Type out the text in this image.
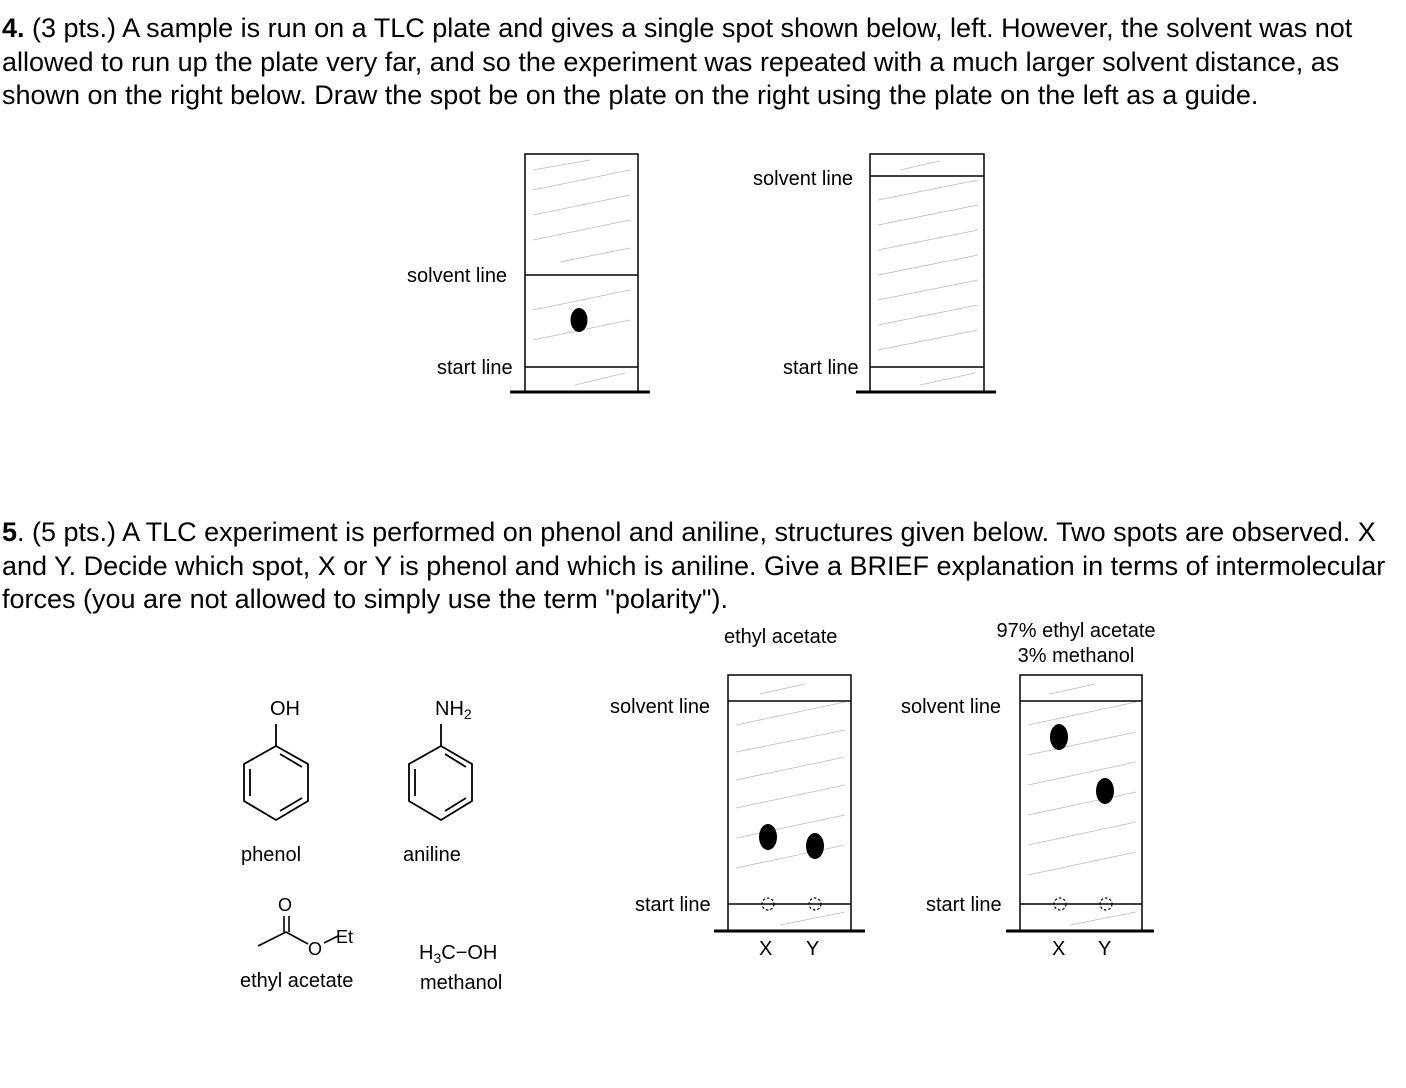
4. (3 pts.) A sample is run on a TLC plate and gives a single spot shown below, left. However, the solvent was not allowed to run up the plate very far, and so the experiment was repeated with a much larger solvent distance, as shown on the right below. Draw the spot be on the plate on the right using the plate on the left as a guide.

5. (5 pts.) A TLC experiment is performed on phenol and aniline, structures given below. Two spots are observed. X and Y. Decide which spot, X or Y is phenol and which is aniline. Give a BRIEF explanation in terms of intermolecular forces (you are not allowed to simply use the term "polarity").

solvent line
start line
solvent line
start line
OH	$NH_2$
phenol	aniline
O
O
Et
ethyl acetate
$H_3C-OH$
methanol
ethyl acetate
solvent line
start line
X Y
97% ethyl acetate
3% methanol
solvent line
start line
X Y
